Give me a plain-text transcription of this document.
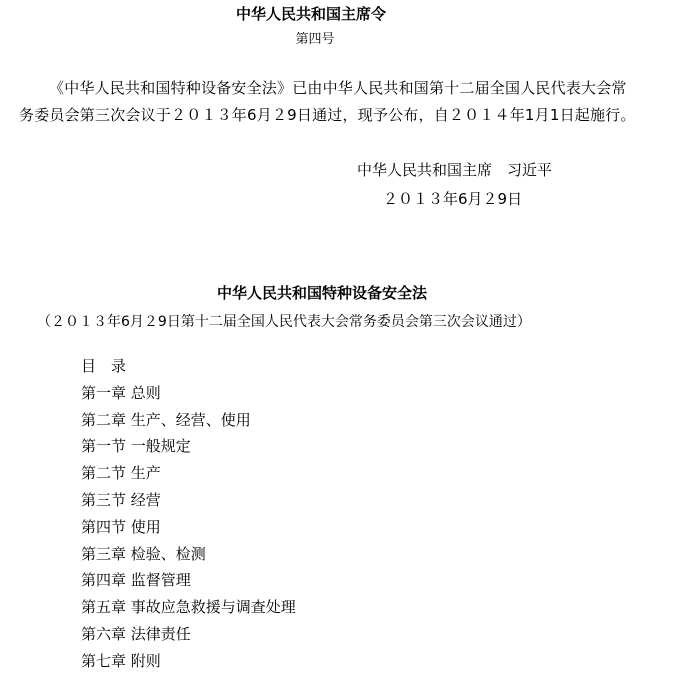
中华人民共和国主席令
第四号
《中华人民共和国特种设备安全法》已由中华人民共和国第十二届全国人民代表大会常务委员会第三次会议于２０１３年6月２9日通过，现予公布，自２０１４年1月1日起施行。
中华人民共和国主席　习近平
２０１３年6月２9日
中华人民共和国特种设备安全法
（２０１３年6月２9日第十二届全国人民代表大会常务委员会第三次会议通过）
目　录
第一章 总则
第二章 生产、经营、使用
第一节 一般规定
第二节 生产
第三节 经营
第四节 使用
第三章 检验、检测
第四章 监督管理
第五章 事故应急救援与调查处理
第六章 法律责任
第七章 附则
